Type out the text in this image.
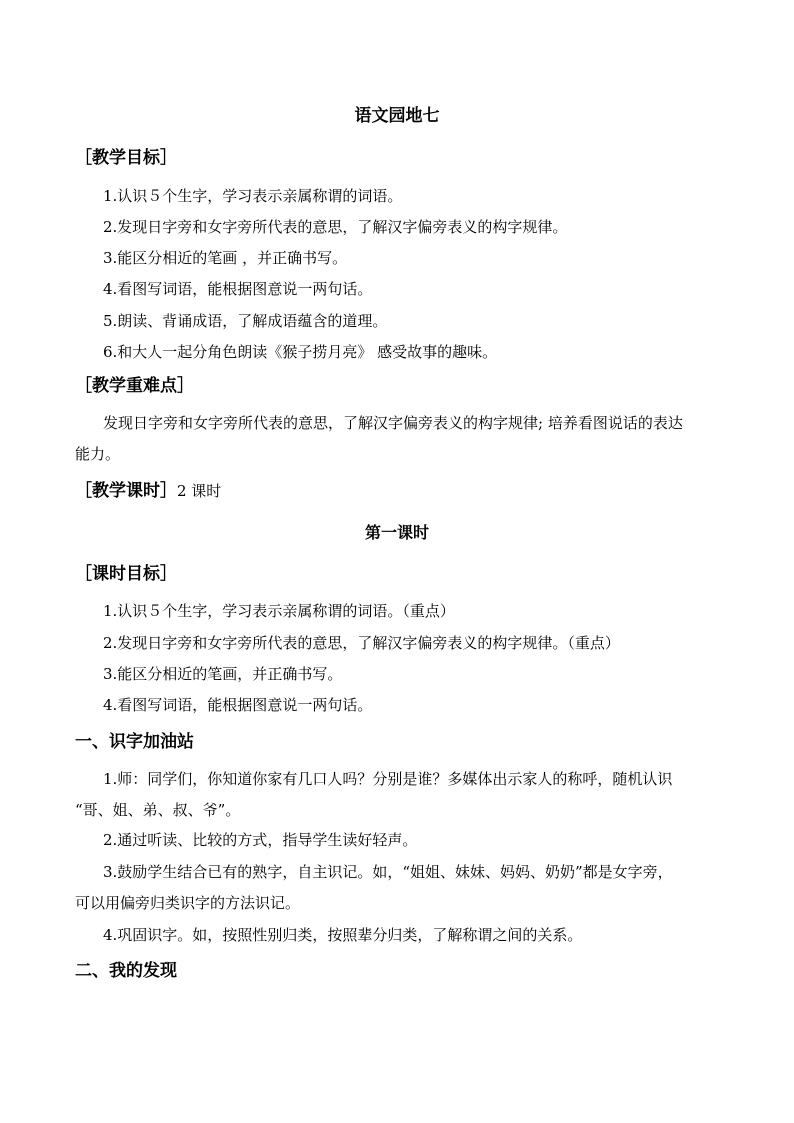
语文园地七
［教学目标］
1.认识５个生字，学习表示亲属称谓的词语。
2.发现日字旁和女字旁所代表的意思，了解汉字偏旁表义的构字规律。
3.能区分相近的笔画 ，并正确书写。
4.看图写词语，能根据图意说一两句话。
5.朗读、背诵成语，了解成语蕴含的道理。
6.和大人一起分角色朗读《猴子捞月亮》 感受故事的趣味。
［教学重难点］
发现日字旁和女字旁所代表的意思，了解汉字偏旁表义的构字规律; 培养看图说话的表达
能力。
［教学课时］2 课时
第一课时
［课时目标］
1.认识５个生字，学习表示亲属称谓的词语。（重点）
2.发现日字旁和女字旁所代表的意思，了解汉字偏旁表义的构字规律。（重点）
3.能区分相近的笔画，并正确书写。
4.看图写词语，能根据图意说一两句话。
一、识字加油站
1.师：同学们，你知道你家有几口人吗？分别是谁？多媒体出示家人的称呼，随机认识
“哥、姐、弟、叔、爷”。
2.通过听读、比较的方式，指导学生读好轻声。
3.鼓励学生结合已有的熟字，自主识记。如，“姐姐、妹妹、妈妈、奶奶”都是女字旁，
可以用偏旁归类识字的方法识记。
4.巩固识字。如，按照性别归类，按照辈分归类，了解称谓之间的关系。
二、我的发现
